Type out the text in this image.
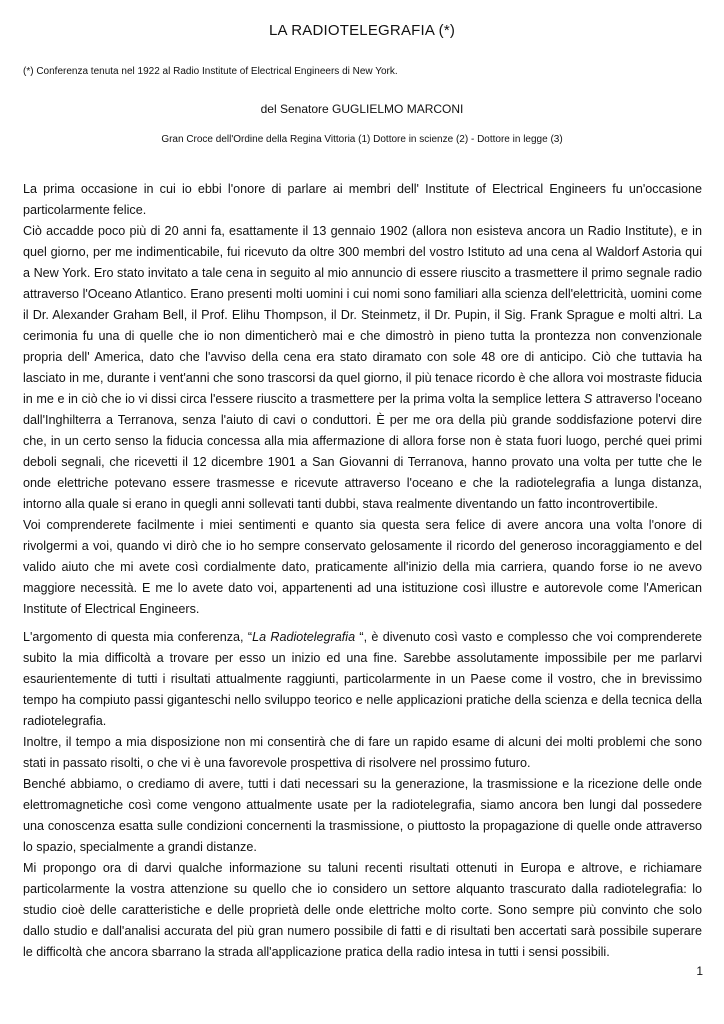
LA RADIOTELEGRAFIA (*)
(*) Conferenza tenuta nel 1922 al Radio Institute of Electrical Engineers di New York.
del Senatore GUGLIELMO MARCONI
Gran Croce dell'Ordine della Regina Vittoria (1) Dottore in scienze (2) - Dottore in legge (3)

La prima occasione in cui io ebbi l'onore di parlare ai membri dell' Institute of Electrical Engineers fu un'occasione particolarmente felice.

Ciò accadde poco più di 20 anni fa, esattamente il 13 gennaio 1902 (allora non esisteva ancora un Radio Institute), e in quel giorno, per me indimenticabile, fui ricevuto da oltre 300 membri del vostro Istituto ad una cena al Waldorf Astoria qui a New York. Ero stato invitato a tale cena in seguito al mio annuncio di essere riuscito a trasmettere il primo segnale radio attraverso l'Oceano Atlantico. Erano presenti molti uomini i cui nomi sono familiari alla scienza dell'elettricità, uomini come il Dr. Alexander Graham Bell, il Prof. Elihu Thompson, il Dr. Steinmetz, il Dr. Pupin, il Sig. Frank Sprague e molti altri. La cerimonia fu una di quelle che io non dimenticherò mai e che dimostrò in pieno tutta la prontezza non convenzionale propria dell' America, dato che l'avviso della cena era stato diramato con sole 48 ore di anticipo. Ciò che tuttavia ha lasciato in me, durante i vent'anni che sono trascorsi da quel giorno, il più tenace ricordo è che allora voi mostraste fiducia in me e in ciò che io vi dissi circa l'essere riuscito a trasmettere per la prima volta la semplice lettera S attraverso l'oceano dall'Inghilterra a Terranova, senza l'aiuto di cavi o conduttori. È per me ora della più grande soddisfazione potervi dire che, in un certo senso la fiducia concessa alla mia affermazione di allora forse non è stata fuori luogo, perché quei primi deboli segnali, che ricevetti il 12 dicembre 1901 a San Giovanni di Terranova, hanno provato una volta per tutte che le onde elettriche potevano essere trasmesse e ricevute attraverso l'oceano e che la radiotelegrafia a lunga distanza, intorno alla quale si erano in quegli anni sollevati tanti dubbi, stava realmente diventando un fatto incontrovertibile.

Voi comprenderete facilmente i miei sentimenti e quanto sia questa sera felice di avere ancora una volta l'onore di rivolgermi a voi, quando vi dirò che io ho sempre conservato gelosamente il ricordo del generoso incoraggiamento e del valido aiuto che mi avete così cordialmente dato, praticamente all'inizio della mia carriera, quando forse io ne avevo maggiore necessità. E me lo avete dato voi, appartenenti ad una istituzione così illustre e autorevole come l'American Institute of Electrical Engineers.

L'argomento di questa mia conferenza, “La Radiotelegrafia “, è divenuto così vasto e complesso che voi comprenderete subito la mia difficoltà a trovare per esso un inizio ed una fine. Sarebbe assolutamente impossibile per me parlarvi esaurientemente di tutti i risultati attualmente raggiunti, particolarmente in un Paese come il vostro, che in brevissimo tempo ha compiuto passi giganteschi nello sviluppo teorico e nelle applicazioni pratiche della scienza e della tecnica della radiotelegrafia.

Inoltre, il tempo a mia disposizione non mi consentirà che di fare un rapido esame di alcuni dei molti problemi che sono stati in passato risolti, o che vi è una favorevole prospettiva di risolvere nel prossimo futuro.

Benché abbiamo, o crediamo di avere, tutti i dati necessari su la generazione, la trasmissione e la ricezione delle onde elettromagnetiche così come vengono attualmente usate per la radiotelegrafia, siamo ancora ben lungi dal possedere una conoscenza esatta sulle condizioni concernenti la trasmissione, o piuttosto la propagazione di quelle onde attraverso lo spazio, specialmente a grandi distanze.

Mi propongo ora di darvi qualche informazione su taluni recenti risultati ottenuti in Europa e altrove, e richiamare particolarmente la vostra attenzione su quello che io considero un settore alquanto trascurato dalla radiotelegrafia: lo studio cioè delle caratteristiche e delle proprietà delle onde elettriche molto corte. Sono sempre più convinto che solo dallo studio e dall'analisi accurata del più gran numero possibile di fatti e di risultati ben accertati sarà possibile superare le difficoltà che ancora sbarrano la strada all'applicazione pratica della radio intesa in tutti i sensi possibili.

1
